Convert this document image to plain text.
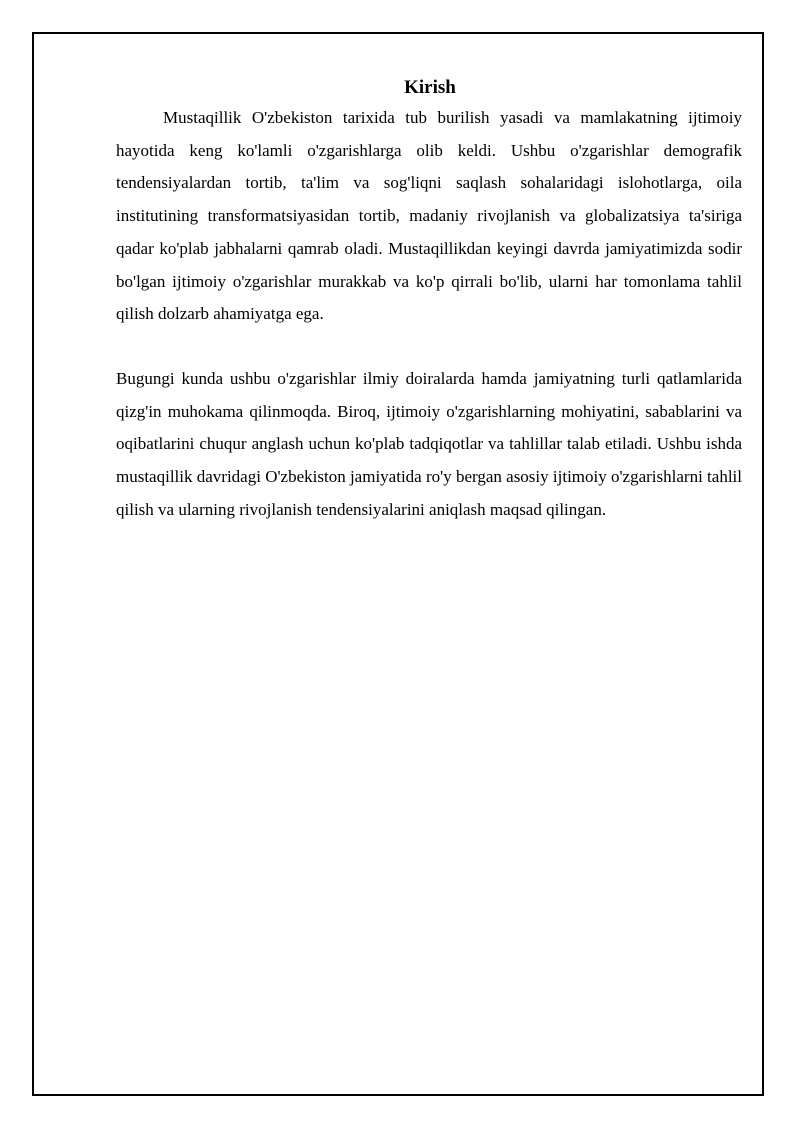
Kirish

Mustaqillik O'zbekiston tarixida tub burilish yasadi va mamlakatning ijtimoiy hayotida keng ko'lamli o'zgarishlarga olib keldi. Ushbu o'zgarishlar demografik tendensiyalardan tortib, ta'lim va sog'liqni saqlash sohalaridagi islohotlarga, oila institutining transformatsiyasidan tortib, madaniy rivojlanish va globalizatsiya ta'siriga qadar ko'plab jabhalarni qamrab oladi. Mustaqillikdan keyingi davrda jamiyatimizda sodir bo'lgan ijtimoiy o'zgarishlar murakkab va ko'p qirrali bo'lib, ularni har tomonlama tahlil qilish dolzarb ahamiyatga ega.

Bugungi kunda ushbu o'zgarishlar ilmiy doiralarda hamda jamiyatning turli qatlamlarida qizg'in muhokama qilinmoqda. Biroq, ijtimoiy o'zgarishlarning mohiyatini, sabablarini va oqibatlarini chuqur anglash uchun ko'plab tadqiqotlar va tahlillar talab etiladi. Ushbu ishda mustaqillik davridagi O'zbekiston jamiyatida ro'y bergan asosiy ijtimoiy o'zgarishlarni tahlil qilish va ularning rivojlanish tendensiyalarini aniqlash maqsad qilingan.
